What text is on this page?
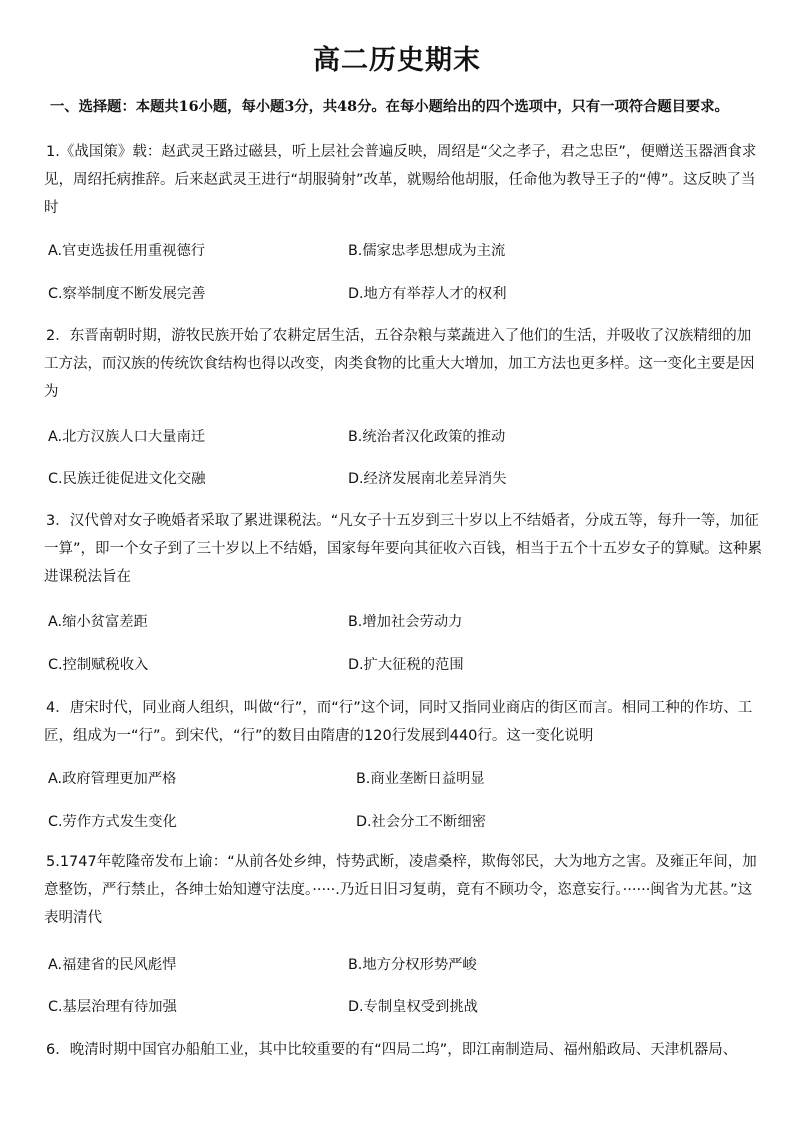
高二历史期末
一、选择题：本题共16小题，每小题3分，共48分。在每小题给出的四个选项中，只有一项符合题目要求。
1.《战国策》载：赵武灵王路过磁县，听上层社会普遍反映，周绍是“父之孝子，君之忠臣”，便赠送玉器酒食求见，周绍托病推辞。后来赵武灵王进行“胡服骑射”改革，就赐给他胡服，任命他为教导王子的“傅”。这反映了当时
A.官吏选拔任用重视德行	B.儒家忠孝思想成为主流
C.察举制度不断发展完善	D.地方有举荐人才的权利
2．东晋南朝时期，游牧民族开始了农耕定居生活，五谷杂粮与菜蔬进入了他们的生活，并吸收了汉族精细的加工方法，而汉族的传统饮食结构也得以改变，肉类食物的比重大大增加，加工方法也更多样。这一变化主要是因为
A.北方汉族人口大量南迁	B.统治者汉化政策的推动
C.民族迁徙促进文化交融	D.经济发展南北差异消失
3．汉代曾对女子晚婚者采取了累进课税法。“凡女子十五岁到三十岁以上不结婚者，分成五等，每升一等，加征一算”，即一个女子到了三十岁以上不结婚，国家每年要向其征收六百钱，相当于五个十五岁女子的算赋。这种累进课税法旨在
A.缩小贫富差距	B.增加社会劳动力
C.控制赋税收入	D.扩大征税的范围
4．唐宋时代，同业商人组织，叫做“行”，而“行”这个词，同时又指同业商店的街区而言。相同工种的作坊、工匠，组成为一“行”。到宋代，“行”的数目由隋唐的120行发展到440行。这一变化说明
A.政府管理更加严格	B.商业垄断日益明显
C.劳作方式发生变化	D.社会分工不断细密
5.1747年乾隆帝发布上谕：“从前各处乡绅，恃势武断，凌虐桑梓，欺侮邻民，大为地方之害。及雍正年间，加意整饬，严行禁止，各绅士始知遵守法度。·····.乃近日旧习复萌，竟有不顾功令，恣意妄行。······闽省为尤甚。”这表明清代
A.福建省的民风彪悍	B.地方分权形势严峻
C.基层治理有待加强	D.专制皇权受到挑战
6．晚清时期中国官办船舶工业，其中比较重要的有“四局二坞”，即江南制造局、福州船政局、天津机器局、
